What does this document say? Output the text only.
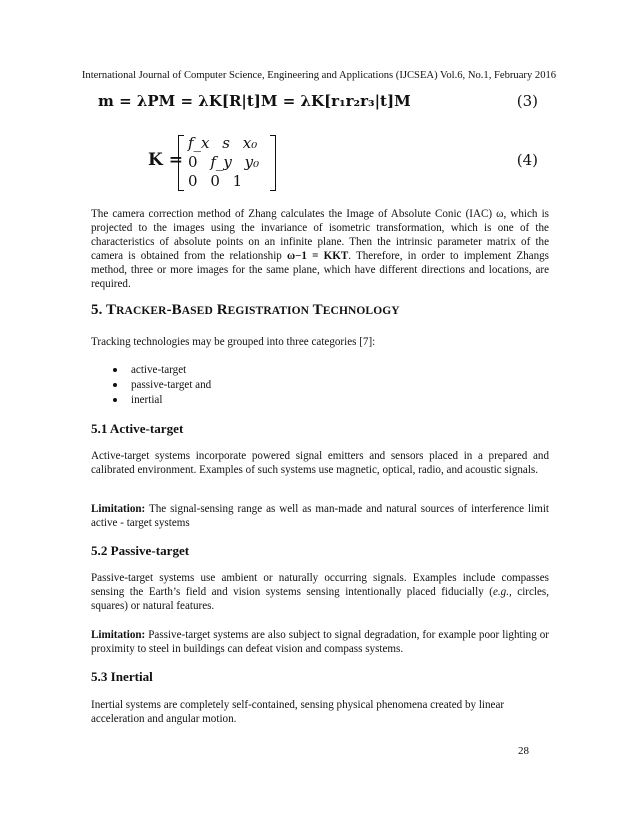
International Journal of Computer Science, Engineering and Applications (IJCSEA) Vol.6, No.1, February 2016
m = λPM = λK[R|t]M = λK[r₁r₂r₃|t]M	(3)
K =
f_x s x₀
0 f_y y₀
0 0 1
(4)

The camera correction method of Zhang calculates the Image of Absolute Conic (IAC) ω, which is projected to the images using the invariance of isometric transformation, which is one of the characteristics of absolute points on an infinite plane. Then the intrinsic parameter matrix of the camera is obtained from the relationship ω−1 = KKT. Therefore, in order to implement Zhangs method, three or more images for the same plane, which have different directions and locations, are required.

5. TRACKER-BASED REGISTRATION TECHNOLOGY

Tracking technologies may be grouped into three categories [7]:

active-target
passive-target and
inertial
5.1 Active-target

Active-target systems incorporate powered signal emitters and sensors placed in a prepared and calibrated environment. Examples of such systems use magnetic, optical, radio, and acoustic signals.

Limitation: The signal-sensing range as well as man-made and natural sources of interference limit active - target systems

5.2 Passive-target

Passive-target systems use ambient or naturally occurring signals. Examples include compasses sensing the Earth’s field and vision systems sensing intentionally placed fiducially (e.g., circles, squares) or natural features.

Limitation: Passive-target systems are also subject to signal degradation, for example poor lighting or proximity to steel in buildings can defeat vision and compass systems.

5.3 Inertial

Inertial systems are completely self-contained, sensing physical phenomena created by linear acceleration and angular motion.

28
